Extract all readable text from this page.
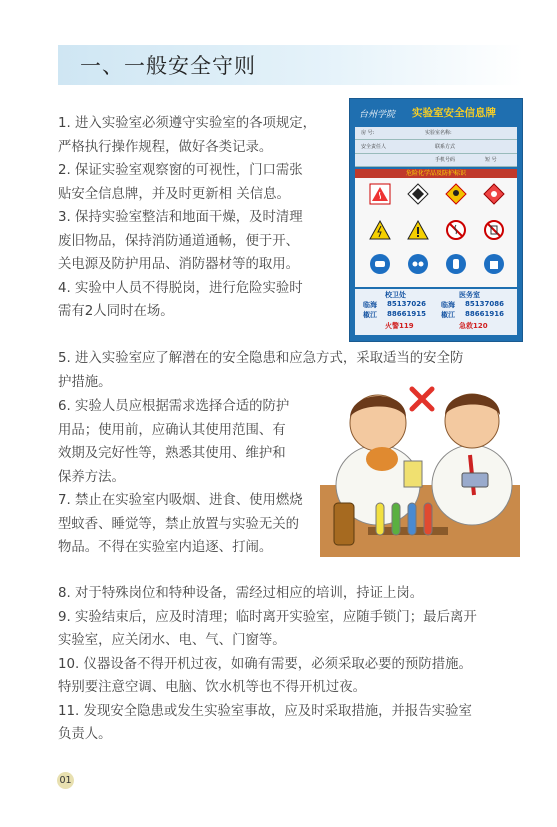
一、一般安全守则
台州学院 实验室安全信息牌
房 号:	实验室名称:
安全责任人	联系方式
手机号码	短 号
危险化学品及防护标识
校卫处	医务室
临海 85137026 临海 85137086
椒江 88661915 椒江 88661916
火警119	急救120
1. 进入实验室必须遵守实验室的各项规定，
严格执行操作规程，做好各类记录。
2. 保证实验室观察窗的可视性，门口需张
贴安全信息牌，并及时更新相 关信息。
3. 保持实验室整洁和地面干燥，及时清理
废旧物品，保持消防通道通畅，便于开、
关电源及防护用品、消防器材等的取用。
4. 实验中人员不得脱岗，进行危险实验时
需有2人同时在场。
5. 进入实验室应了解潜在的安全隐患和应急方式，采取适当的安全防
护措施。
6. 实验人员应根据需求选择合适的防护
用品；使用前，应确认其使用范围、有
效期及完好性等，熟悉其使用、维护和
保养方法。
7. 禁止在实验室内吸烟、进食、使用燃烧
型蚊香、睡觉等，禁止放置与实验无关的
物品。不得在实验室内追逐、打闹。
8. 对于特殊岗位和特种设备，需经过相应的培训，持证上岗。
9. 实验结束后，应及时清理；临时离开实验室，应随手锁门；最后离开
实验室，应关闭水、电、气、门窗等。
10. 仪器设备不得开机过夜，如确有需要，必须采取必要的预防措施。
特别要注意空调、电脑、饮水机等也不得开机过夜。
11. 发现安全隐患或发生实验室事故，应及时采取措施，并报告实验室
负责人。
01
